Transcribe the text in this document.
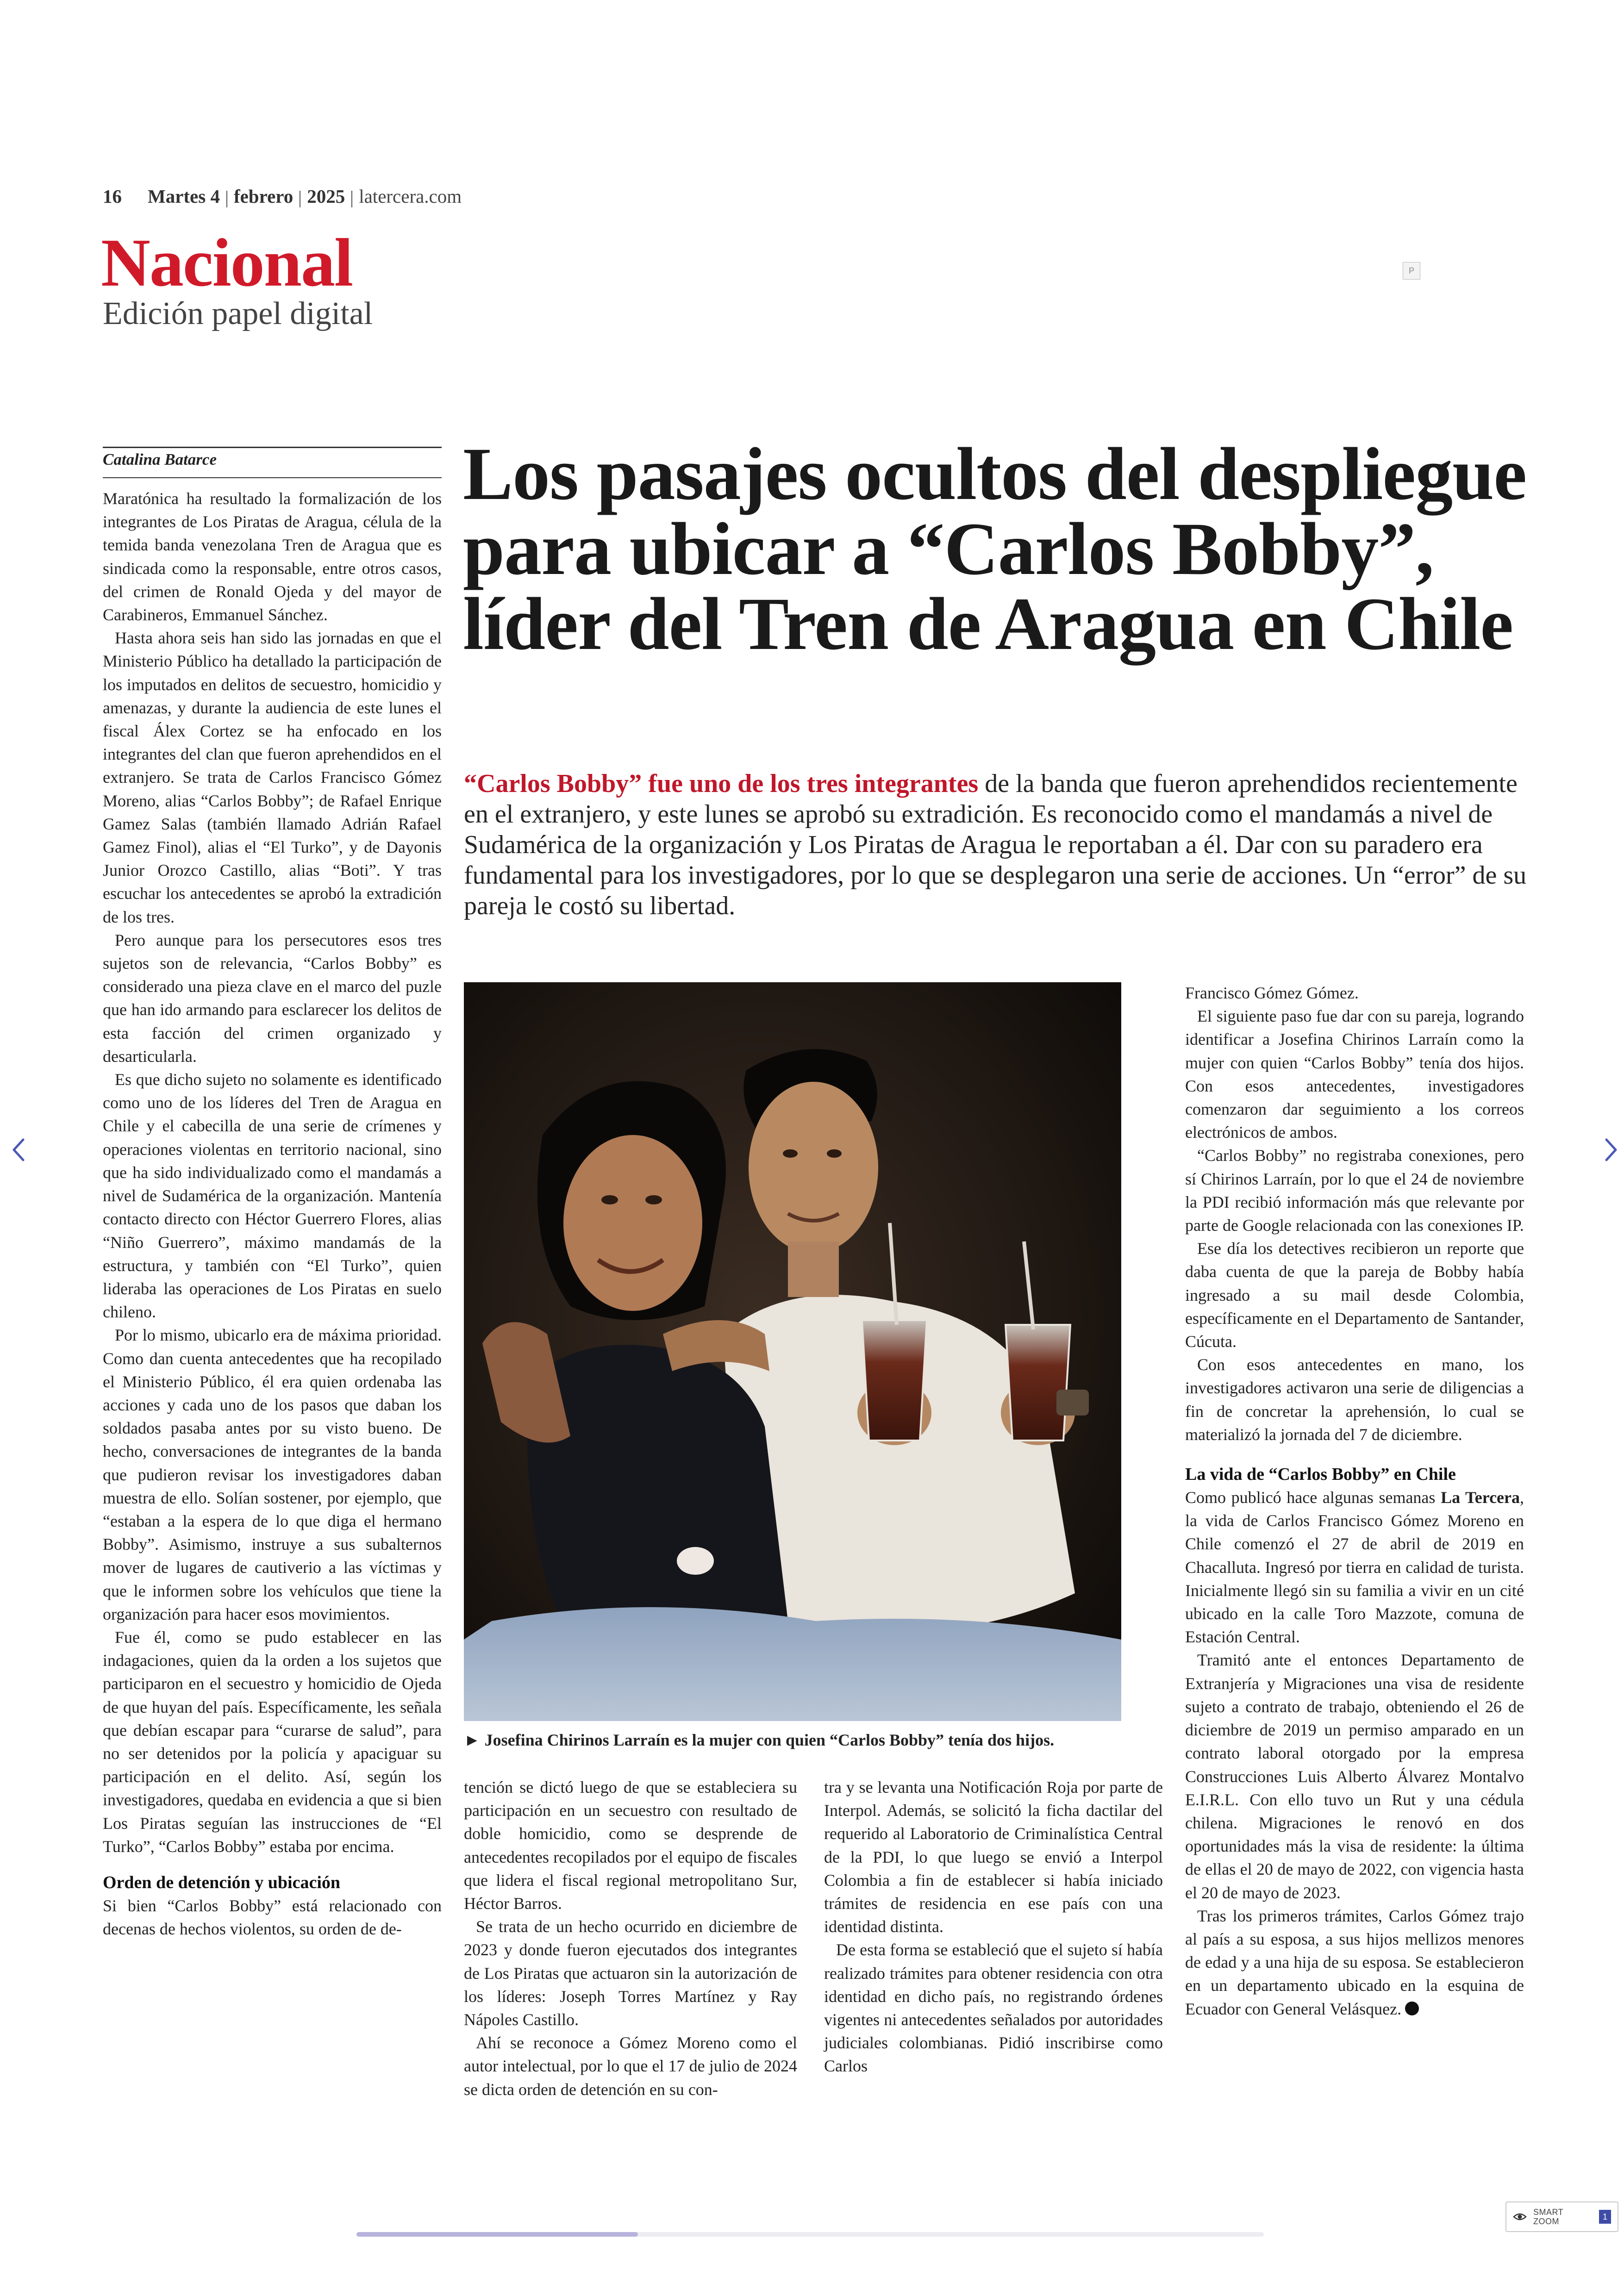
16 Martes 4 febrero 2025 latercera.com
Nacional
Edición papel digital
P
Catalina Batarce

Maratónica ha resultado la formalización de los integrantes de Los Piratas de Aragua, célula de la temida banda venezolana Tren de Aragua que es sindicada como la responsable, entre otros casos, del crimen de Ronald Ojeda y del mayor de Carabineros, Emmanuel Sánchez.

Hasta ahora seis han sido las jornadas en que el Ministerio Público ha detallado la participación de los imputados en delitos de secuestro, homicidio y amenazas, y durante la audiencia de este lunes el fiscal Álex Cortez se ha enfocado en los integrantes del clan que fueron aprehendidos en el extranjero. Se trata de Carlos Francisco Gómez Moreno, alias “Carlos Bobby”; de Rafael Enrique Gamez Salas (también llamado Adrián Rafael Gamez Finol), alias el “El Turko”, y de Dayonis Junior Orozco Castillo, alias “Boti”. Y tras escuchar los antecedentes se aprobó la extradición de los tres.

Pero aunque para los persecutores esos tres sujetos son de relevancia, “Carlos Bobby” es considerado una pieza clave en el marco del puzle que han ido armando para esclarecer los delitos de esta facción del crimen organizado y desarticularla.

Es que dicho sujeto no solamente es identificado como uno de los líderes del Tren de Aragua en Chile y el cabecilla de una serie de crímenes y operaciones violentas en territorio nacional, sino que ha sido individualizado como el mandamás a nivel de Sudamérica de la organización. Mantenía contacto directo con Héctor Guerrero Flores, alias “Niño Guerrero”, máximo mandamás de la estructura, y también con “El Turko”, quien lideraba las operaciones de Los Piratas en suelo chileno.

Por lo mismo, ubicarlo era de máxima prioridad. Como dan cuenta antecedentes que ha recopilado el Ministerio Público, él era quien ordenaba las acciones y cada uno de los pasos que daban los soldados pasaba antes por su visto bueno. De hecho, conversaciones de integrantes de la banda que pudieron revisar los investigadores daban muestra de ello. Solían sostener, por ejemplo, que “estaban a la espera de lo que diga el hermano Bobby”. Asimismo, instruye a sus subalternos mover de lugares de cautiverio a las víctimas y que le informen sobre los vehículos que tiene la organización para hacer esos movimientos.

Fue él, como se pudo establecer en las indagaciones, quien da la orden a los sujetos que participaron en el secuestro y homicidio de Ojeda de que huyan del país. Específicamente, les señala que debían escapar para “curarse de salud”, para no ser detenidos por la policía y apaciguar su participación en el delito. Así, según los investigadores, quedaba en evidencia a que si bien Los Piratas seguían las instrucciones de “El Turko”, “Carlos Bobby” estaba por encima.

Orden de detención y ubicación

Si bien “Carlos Bobby” está relacionado con decenas de hechos violentos, su orden de de-

Los pasajes ocultos del despliegue para ubicar a “Carlos Bobby”, líder del Tren de Aragua en Chile
“Carlos Bobby” fue uno de los tres integrantes de la banda que fueron aprehendidos recientemente en el extranjero, y este lunes se aprobó su extradición. Es reconocido como el mandamás a nivel de Sudamérica de la organización y Los Piratas de Aragua le reportaban a él. Dar con su paradero era fundamental para los investigadores, por lo que se desplegaron una serie de acciones. Un “error” de su pareja le costó su libertad.
► Josefina Chirinos Larraín es la mujer con quien “Carlos Bobby” tenía dos hijos.

tención se dictó luego de que se estableciera su participación en un secuestro con resultado de doble homicidio, como se desprende de antecedentes recopilados por el equipo de fiscales que lidera el fiscal regional metropolitano Sur, Héctor Barros.

Se trata de un hecho ocurrido en diciembre de 2023 y donde fueron ejecutados dos integrantes de Los Piratas que actuaron sin la autorización de los líderes: Joseph Torres Martínez y Ray Nápoles Castillo.

Ahí se reconoce a Gómez Moreno como el autor intelectual, por lo que el 17 de julio de 2024 se dicta orden de detención en su con-

tra y se levanta una Notificación Roja por parte de Interpol. Además, se solicitó la ficha dactilar del requerido al Laboratorio de Criminalística Central de la PDI, lo que luego se envió a Interpol Colombia a fin de establecer si había iniciado trámites de residencia en ese país con una identidad distinta.

De esta forma se estableció que el sujeto sí había realizado trámites para obtener residencia con otra identidad en dicho país, no registrando órdenes vigentes ni antecedentes señalados por autoridades judiciales colombianas. Pidió inscribirse como Carlos

Francisco Gómez Gómez.

El siguiente paso fue dar con su pareja, logrando identificar a Josefina Chirinos Larraín como la mujer con quien “Carlos Bobby” tenía dos hijos. Con esos antecedentes, investigadores comenzaron dar seguimiento a los correos electrónicos de ambos.

“Carlos Bobby” no registraba conexiones, pero sí Chirinos Larraín, por lo que el 24 de noviembre la PDI recibió información más que relevante por parte de Google relacionada con las conexiones IP.

Ese día los detectives recibieron un reporte que daba cuenta de que la pareja de Bobby había ingresado a su mail desde Colombia, específicamente en el Departamento de Santander, Cúcuta.

Con esos antecedentes en mano, los investigadores activaron una serie de diligencias a fin de concretar la aprehensión, lo cual se materializó la jornada del 7 de diciembre.

La vida de “Carlos Bobby” en Chile

Como publicó hace algunas semanas La Tercera, la vida de Carlos Francisco Gómez Moreno en Chile comenzó el 27 de abril de 2019 en Chacalluta. Ingresó por tierra en calidad de turista. Inicialmente llegó sin su familia a vivir en un cité ubicado en la calle Toro Mazzote, comuna de Estación Central.

Tramitó ante el entonces Departamento de Extranjería y Migraciones una visa de residente sujeto a contrato de trabajo, obteniendo el 26 de diciembre de 2019 un permiso amparado en un contrato laboral otorgado por la empresa Construcciones Luis Alberto Álvarez Montalvo E.I.R.L. Con ello tuvo un Rut y una cédula chilena. Migraciones le renovó en dos oportunidades más la visa de residente: la última de ellas el 20 de mayo de 2022, con vigencia hasta el 20 de mayo de 2023.

Tras los primeros trámites, Carlos Gómez trajo al país a su esposa, a sus hijos mellizos menores de edad y a una hija de su esposa. Se establecieron en un departamento ubicado en la esquina de Ecuador con General Velásquez.

SMART
ZOOM
1
